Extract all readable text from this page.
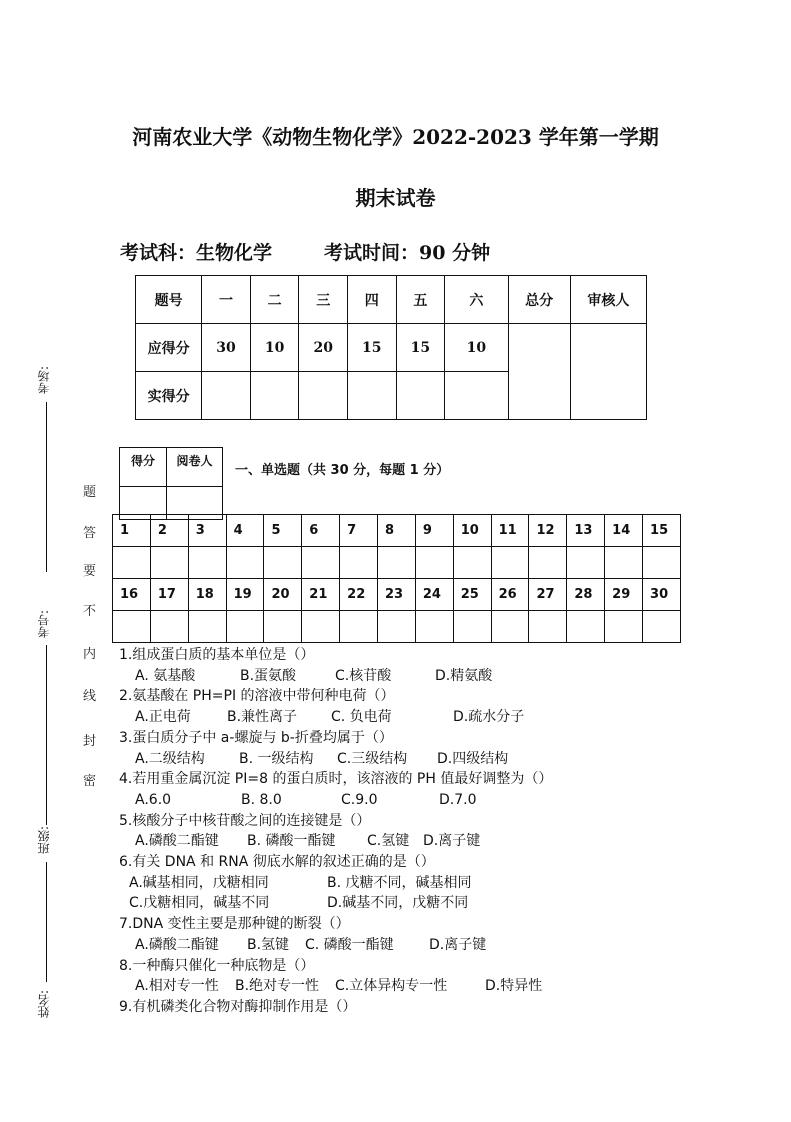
河南农业大学《动物生物化学》2022-2023 学年第一学期
期末试卷
考试科：生物化学	考试时间：90 分钟
题号	一	二	三	四	五	六	总分	审核人
应得分	30	10	20	15	15	10		
实得分								
得分	阅卷人

一、单选题（共 30 分，每题 1 分）
1	2	3	4	5	6	7	8	9	10	11	12	13	14	15

16	17	18	19	20	21	22	23	24	25	26	27	28	29	30

1.组成蛋白质的基本单位是（）
A. 氨基酸	B.蛋氨酸	C.核苷酸	D.精氨酸
2.氨基酸在 PH=PI 的溶液中带何种电荷（）
A.正电荷	B.兼性离子	C. 负电荷	D.疏水分子
3.蛋白质分子中 a-螺旋与 b-折叠均属于（）
A.二级结构	B. 一级结构	C.三级结构	D.四级结构
4.若用重金属沉淀 PI=8 的蛋白质时，该溶液的 PH 值最好调整为（）
A.6.0	B. 8.0	C.9.0	D.7.0
5.核酸分子中核苷酸之间的连接键是（）
A.磷酸二酯键	B. 磷酸一酯键	C.氢键 D.离子键
6.有关 DNA 和 RNA 彻底水解的叙述正确的是（）
A.碱基相同，戊糖相同	B. 戊糖不同，碱基相同
C.戊糖相同，碱基不同	D.碱基不同，戊糖不同
7.DNA 变性主要是那种键的断裂（）
A.磷酸二酯键	B.氢键	C. 磷酸一酯键	D.离子键
8.一种酶只催化一种底物是（）
A.相对专一性	B.绝对专一性	C.立体异构专一性	D.特异性
9.有机磷类化合物对酶抑制作用是（）
考场:
考号:
班级:
姓名:
题
答
要
不
内
线
封
密
